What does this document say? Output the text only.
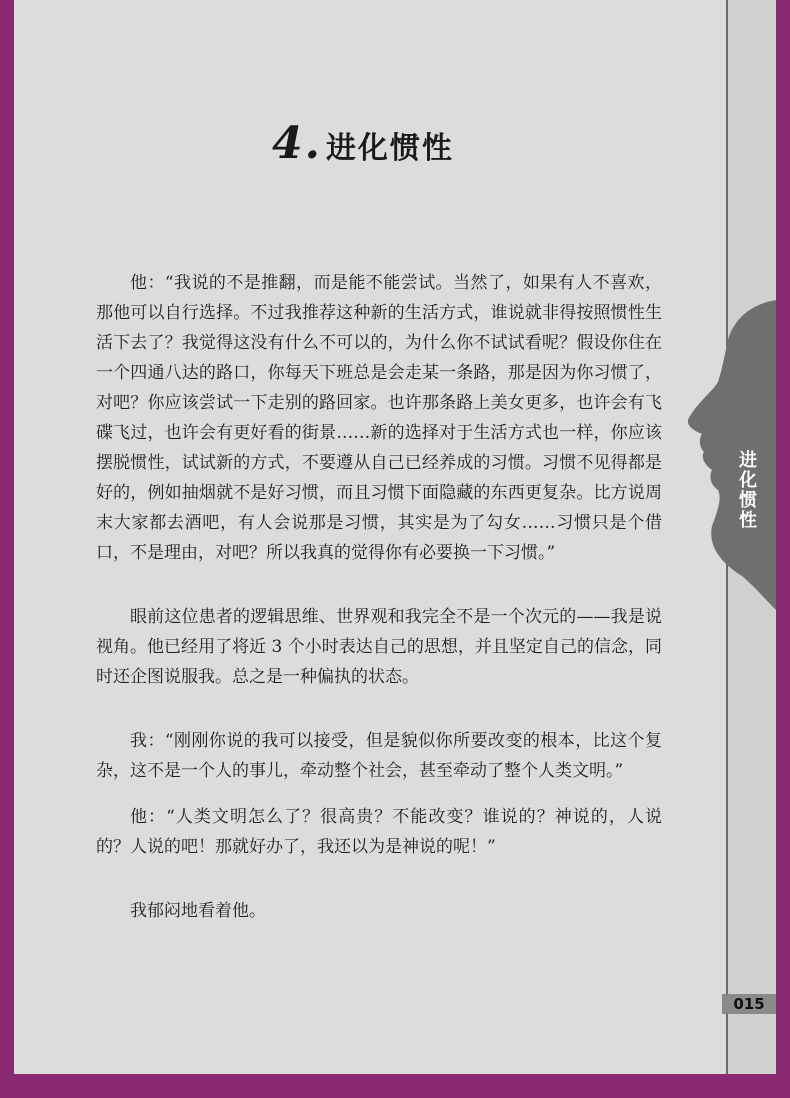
进化惯性
4. 进化惯性

他：“我说的不是推翻，而是能不能尝试。当然了，如果有人不喜欢，那他可以自行选择。不过我推荐这种新的生活方式，谁说就非得按照惯性生活下去了？我觉得这没有什么不可以的，为什么你不试试看呢？假设你住在一个四通八达的路口，你每天下班总是会走某一条路，那是因为你习惯了，对吧？你应该尝试一下走别的路回家。也许那条路上美女更多，也许会有飞碟飞过，也许会有更好看的街景……新的选择对于生活方式也一样，你应该摆脱惯性，试试新的方式，不要遵从自己已经养成的习惯。习惯不见得都是好的，例如抽烟就不是好习惯，而且习惯下面隐藏的东西更复杂。比方说周末大家都去酒吧，有人会说那是习惯，其实是为了勾女……习惯只是个借口，不是理由，对吧？所以我真的觉得你有必要换一下习惯。”

眼前这位患者的逻辑思维、世界观和我完全不是一个次元的——我是说视角。他已经用了将近 3 个小时表达自己的思想，并且坚定自己的信念，同时还企图说服我。总之是一种偏执的状态。

我：“刚刚你说的我可以接受，但是貌似你所要改变的根本，比这个复杂，这不是一个人的事儿，牵动整个社会，甚至牵动了整个人类文明。”

他：“人类文明怎么了？很高贵？不能改变？谁说的？神说的，人说的？人说的吧！那就好办了，我还以为是神说的呢！”

我郁闷地看着他。

015
